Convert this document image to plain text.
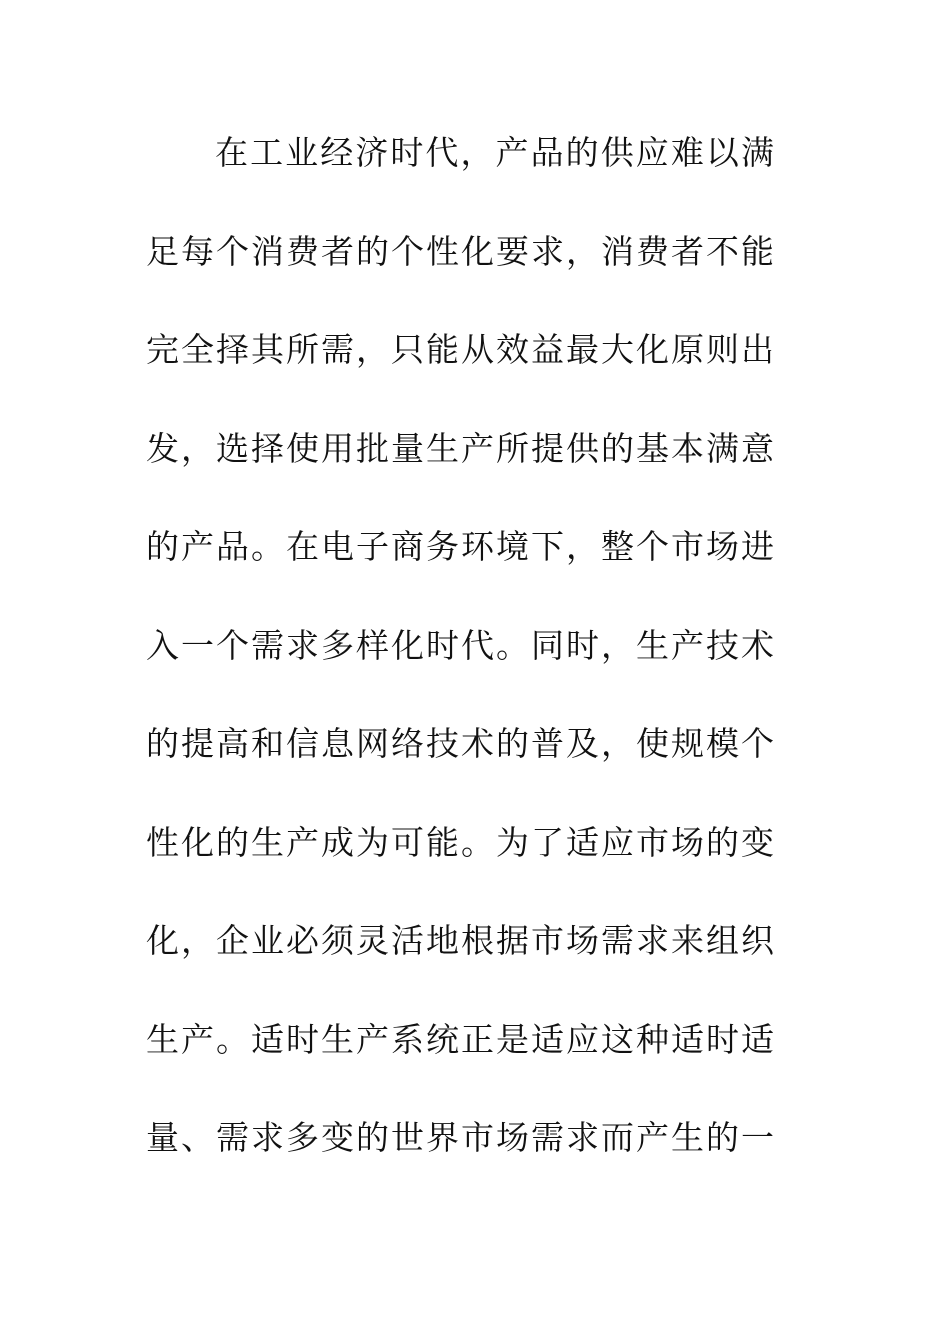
在工业经济时代，产品的供应难以满
足每个消费者的个性化要求，消费者不能
完全择其所需，只能从效益最大化原则出
发，选择使用批量生产所提供的基本满意
的产品。在电子商务环境下，整个市场进
入一个需求多样化时代。同时，生产技术
的提高和信息网络技术的普及，使规模个
性化的生产成为可能。为了适应市场的变
化，企业必须灵活地根据市场需求来组织
生产。适时生产系统正是适应这种适时适
量、需求多变的世界市场需求而产生的一
